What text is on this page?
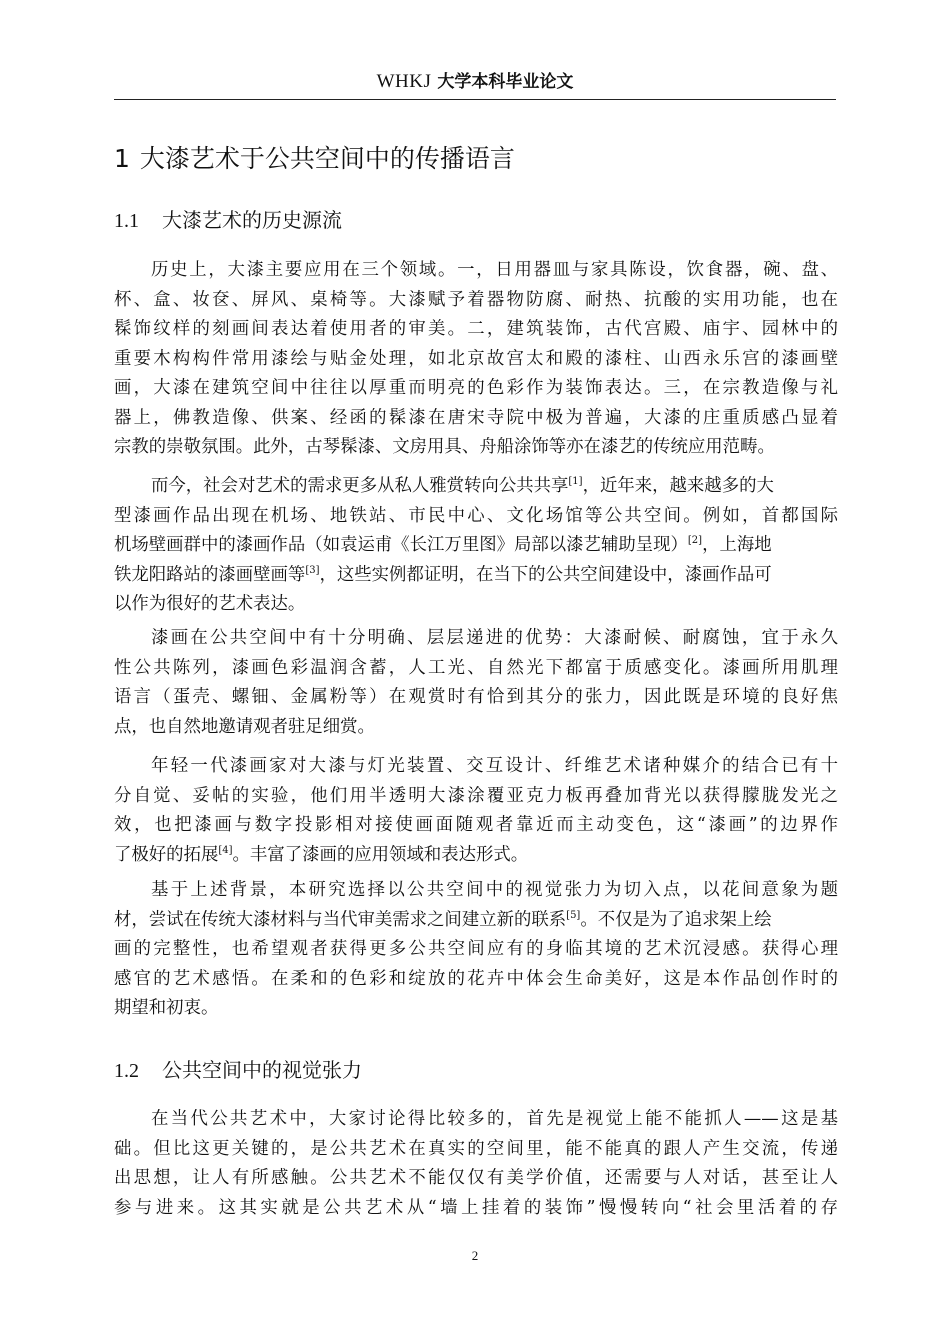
WHKJ 大学本科毕业论文
1 大漆艺术于公共空间中的传播语言
1.1 大漆艺术的历史源流
历史上，大漆主要应用在三个领域。一，日用器皿与家具陈设，饮食器，碗、盘、
杯、盒、妆奁、屏风、桌椅等。大漆赋予着器物防腐、耐热、抗酸的实用功能，也在
髹饰纹样的刻画间表达着使用者的审美。二，建筑装饰，古代宫殿、庙宇、园林中的
重要木构构件常用漆绘与贴金处理，如北京故宫太和殿的漆柱、山西永乐宫的漆画壁
画，大漆在建筑空间中往往以厚重而明亮的色彩作为装饰表达。三，在宗教造像与礼
器上，佛教造像、供案、经函的髹漆在唐宋寺院中极为普遍，大漆的庄重质感凸显着
宗教的崇敬氛围。此外，古琴髹漆、文房用具、舟船涂饰等亦在漆艺的传统应用范畴。
而今，社会对艺术的需求更多从私人雅赏转向公共共享[1]，近年来，越来越多的大
型漆画作品出现在机场、地铁站、市民中心、文化场馆等公共空间。例如，首都国际
机场壁画群中的漆画作品（如袁运甫《长江万里图》局部以漆艺辅助呈现）[2]，上海地
铁龙阳路站的漆画壁画等[3]，这些实例都证明，在当下的公共空间建设中，漆画作品可
以作为很好的艺术表达。
漆画在公共空间中有十分明确、层层递进的优势：大漆耐候、耐腐蚀，宜于永久
性公共陈列，漆画色彩温润含蓄，人工光、自然光下都富于质感变化。漆画所用肌理
语言（蛋壳、螺钿、金属粉等）在观赏时有恰到其分的张力，因此既是环境的良好焦
点，也自然地邀请观者驻足细赏。
年轻一代漆画家对大漆与灯光装置、交互设计、纤维艺术诸种媒介的结合已有十
分自觉、妥帖的实验，他们用半透明大漆涂覆亚克力板再叠加背光以获得朦胧发光之
效，也把漆画与数字投影相对接使画面随观者靠近而主动变色，这“漆画”的边界作
了极好的拓展[4]。丰富了漆画的应用领域和表达形式。
基于上述背景，本研究选择以公共空间中的视觉张力为切入点，以花间意象为题
材，尝试在传统大漆材料与当代审美需求之间建立新的联系[5]。不仅是为了追求架上绘
画的完整性，也希望观者获得更多公共空间应有的身临其境的艺术沉浸感。获得心理
感官的艺术感悟。在柔和的色彩和绽放的花卉中体会生命美好，这是本作品创作时的
期望和初衷。
1.2 公共空间中的视觉张力
在当代公共艺术中，大家讨论得比较多的，首先是视觉上能不能抓人——这是基
础。但比这更关键的，是公共艺术在真实的空间里，能不能真的跟人产生交流，传递
出思想，让人有所感触。公共艺术不能仅仅有美学价值，还需要与人对话，甚至让人
参与进来。这其实就是公共艺术从“墙上挂着的装饰”慢慢转向“社会里活着的存
2
